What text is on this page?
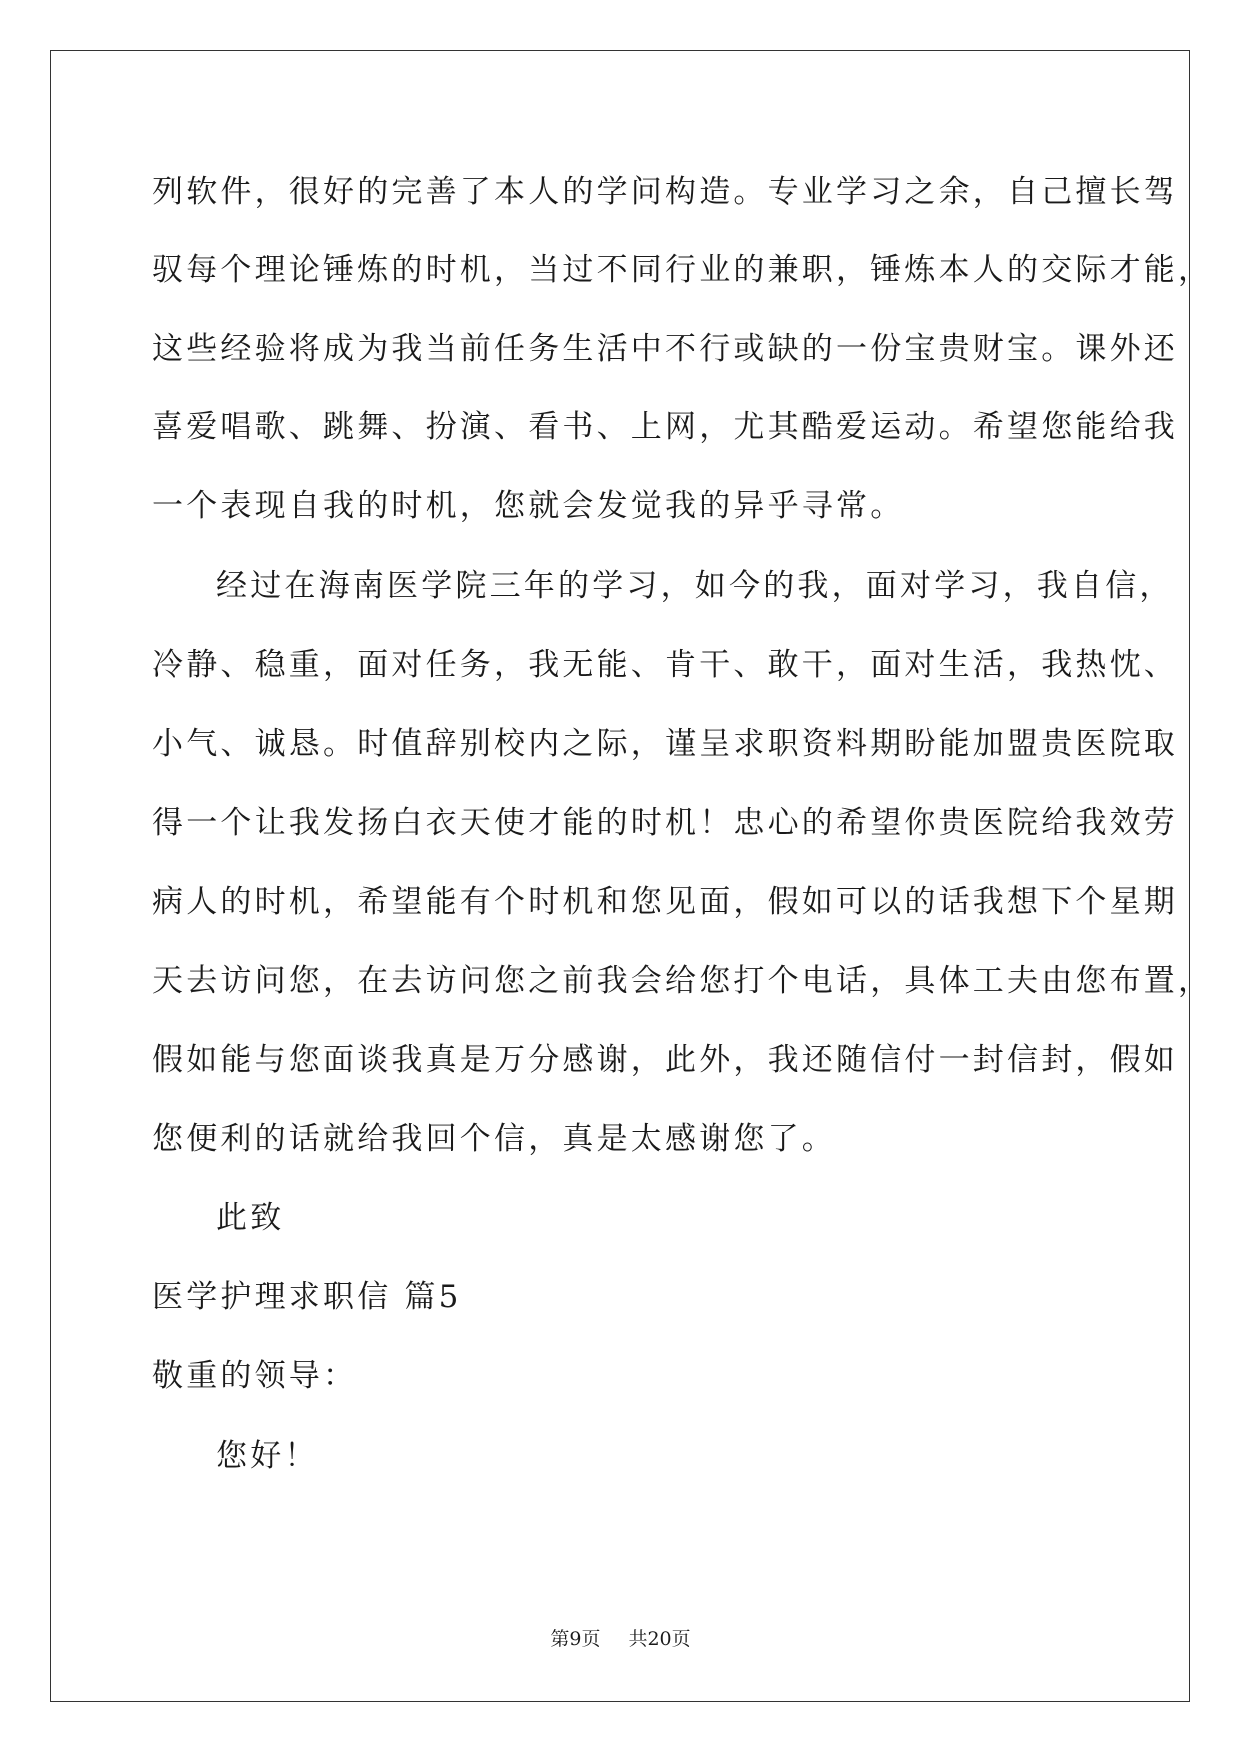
列软件，很好的完善了本人的学问构造。专业学习之余，自己擅长驾
驭每个理论锤炼的时机，当过不同行业的兼职，锤炼本人的交际才能，
这些经验将成为我当前任务生活中不行或缺的一份宝贵财宝。课外还
喜爱唱歌、跳舞、扮演、看书、上网，尤其酷爱运动。希望您能给我
一个表现自我的时机，您就会发觉我的异乎寻常。
经过在海南医学院三年的学习，如今的我，面对学习，我自信，
冷静、稳重，面对任务，我无能、肯干、敢干，面对生活，我热忱、
小气、诚恳。时值辞别校内之际，谨呈求职资料期盼能加盟贵医院取
得一个让我发扬白衣天使才能的时机！忠心的希望你贵医院给我效劳
病人的时机，希望能有个时机和您见面，假如可以的话我想下个星期
天去访问您，在去访问您之前我会给您打个电话，具体工夫由您布置，
假如能与您面谈我真是万分感谢，此外，我还随信付一封信封，假如
您便利的话就给我回个信，真是太感谢您了。
此致
医学护理求职信 篇5
敬重的领导：
您好！
第9页 共20页
